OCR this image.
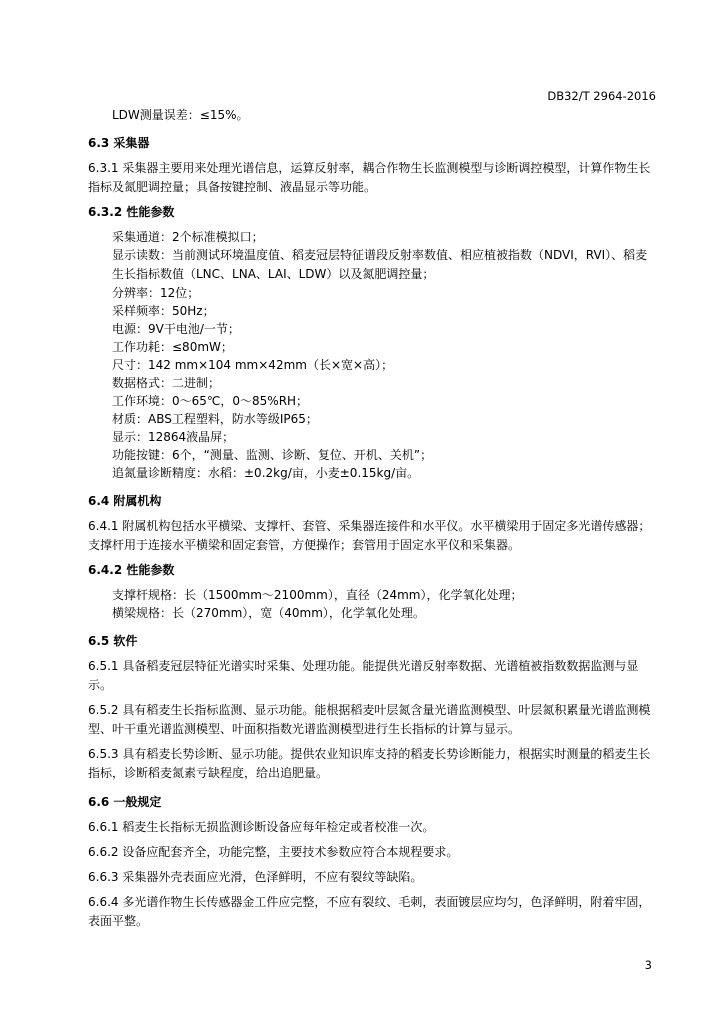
DB32/T 2964-2016

LDW测量误差：≤15%。

6.3 采集器

6.3.1 采集器主要用来处理光谱信息，运算反射率，耦合作物生长监测模型与诊断调控模型，计算作物生长指标及氮肥调控量；具备按键控制、液晶显示等功能。

6.3.2 性能参数

采集通道：2个标准模拟口；

显示读数：当前测试环境温度值、稻麦冠层特征谱段反射率数值、相应植被指数（NDVI，RVI）、稻麦生长指标数值（LNC、LNA、LAI、LDW）以及氮肥调控量；

分辨率：12位；

采样频率：50Hz；

电源：9V干电池/一节；

工作功耗：≤80mW；

尺寸：142 mm×104 mm×42mm（长×宽×高）；

数据格式：二进制；

工作环境：0～65℃，0～85%RH；

材质：ABS工程塑料，防水等级IP65；

显示：12864液晶屏；

功能按键：6个，“测量、监测、诊断、复位、开机、关机”；

追氮量诊断精度：水稻：±0.2kg/亩，小麦±0.15kg/亩。

6.4 附属机构

6.4.1 附属机构包括水平横梁、支撑杆、套管、采集器连接件和水平仪。水平横梁用于固定多光谱传感器；支撑杆用于连接水平横梁和固定套管，方便操作；套管用于固定水平仪和采集器。

6.4.2 性能参数

支撑杆规格：长（1500mm～2100mm），直径（24mm），化学氧化处理；

横梁规格：长（270mm），宽（40mm），化学氧化处理。

6.5 软件

6.5.1 具备稻麦冠层特征光谱实时采集、处理功能。能提供光谱反射率数据、光谱植被指数数据监测与显示。

6.5.2 具有稻麦生长指标监测、显示功能。能根据稻麦叶层氮含量光谱监测模型、叶层氮积累量光谱监测模型、叶干重光谱监测模型、叶面积指数光谱监测模型进行生长指标的计算与显示。

6.5.3 具有稻麦长势诊断、显示功能。提供农业知识库支持的稻麦长势诊断能力，根据实时测量的稻麦生长指标，诊断稻麦氮素亏缺程度，给出追肥量。

6.6 一般规定

6.6.1 稻麦生长指标无损监测诊断设备应每年检定或者校准一次。

6.6.2 设备应配套齐全，功能完整，主要技术参数应符合本规程要求。

6.6.3 采集器外壳表面应光滑，色泽鲜明，不应有裂纹等缺陷。

6.6.4 多光谱作物生长传感器金工件应完整，不应有裂纹、毛刺，表面镀层应均匀，色泽鲜明，附着牢固，表面平整。

3
